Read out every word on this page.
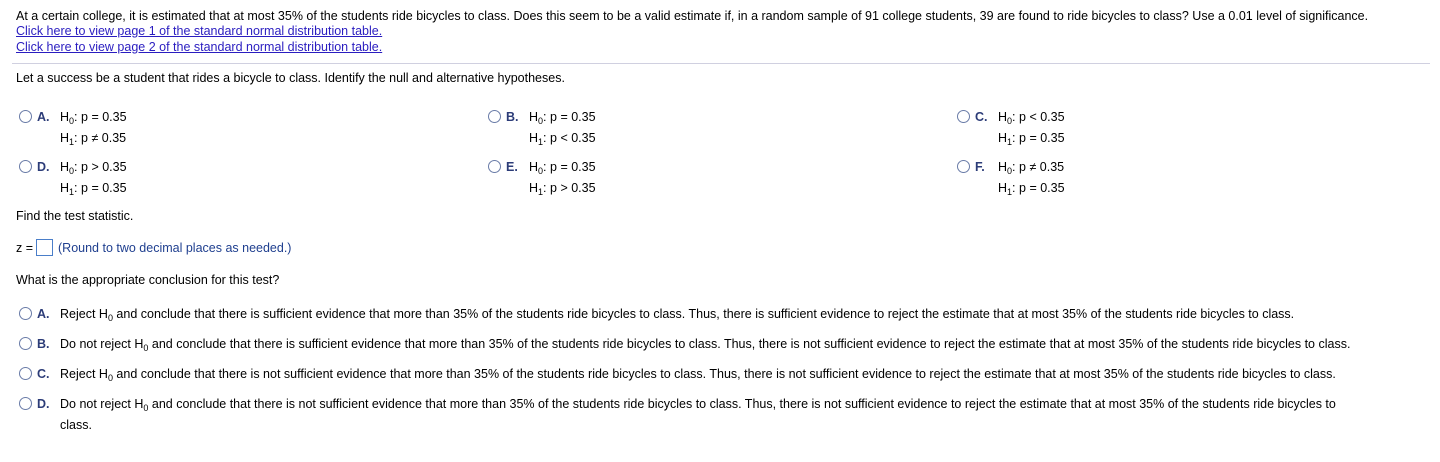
At a certain college, it is estimated that at most 35% of the students ride bicycles to class. Does this seem to be a valid estimate if, in a random sample of 91 college students, 39 are found to ride bicycles to class? Use a 0.01 level of significance.
Click here to view page 1 of the standard normal distribution table.
Click here to view page 2 of the standard normal distribution table.
Let a success be a student that rides a bicycle to class. Identify the null and alternative hypotheses.
A. $H_0$: p = 0.35
$H_1$: p ≠ 0.35
B. $H_0$: p = 0.35
$H_1$: p < 0.35
C. $H_0$: p < 0.35
$H_1$: p = 0.35
D. $H_0$: p > 0.35
$H_1$: p = 0.35
E. $H_0$: p = 0.35
$H_1$: p > 0.35
F. $H_0$: p ≠ 0.35
$H_1$: p = 0.35
Find the test statistic.
z = (Round to two decimal places as needed.)
What is the appropriate conclusion for this test?
A. Reject $H_0$ and conclude that there is sufficient evidence that more than 35% of the students ride bicycles to class. Thus, there is sufficient evidence to reject the estimate that at most 35% of the students ride bicycles to class.
B. Do not reject $H_0$ and conclude that there is sufficient evidence that more than 35% of the students ride bicycles to class. Thus, there is not sufficient evidence to reject the estimate that at most 35% of the students ride bicycles to class.
C. Reject $H_0$ and conclude that there is not sufficient evidence that more than 35% of the students ride bicycles to class. Thus, there is not sufficient evidence to reject the estimate that at most 35% of the students ride bicycles to class.
D. Do not reject $H_0$ and conclude that there is not sufficient evidence that more than 35% of the students ride bicycles to class. Thus, there is not sufficient evidence to reject the estimate that at most 35% of the students ride bicycles to
class.
